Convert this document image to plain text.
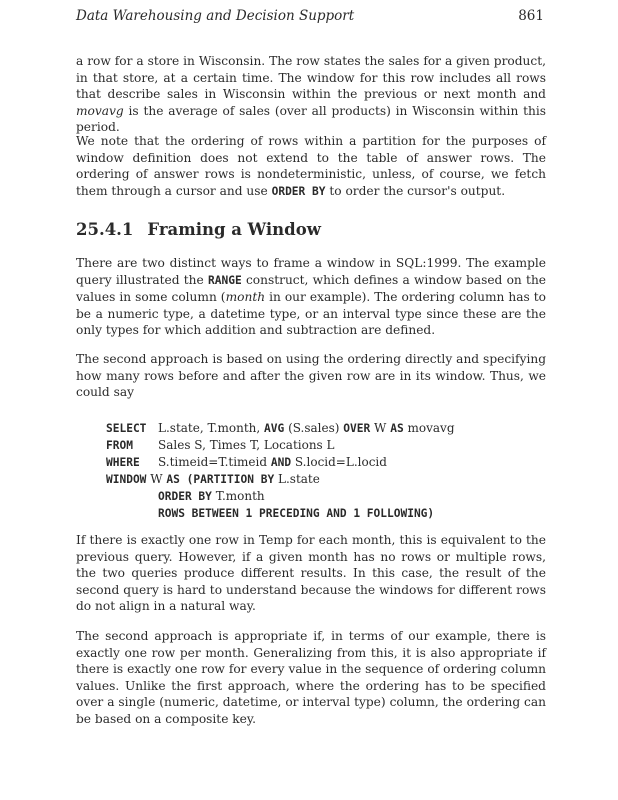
Data Warehousing and Decision Support	861

a row for a store in Wisconsin. The row states the sales for a given product, in that store, at a certain time. The window for this row includes all rows that describe sales in Wisconsin within the previous or next month and movavg is the average of sales (over all products) in Wisconsin within this period.

We note that the ordering of rows within a partition for the purposes of window definition does not extend to the table of answer rows. The ordering of answer rows is nondeterministic, unless, of course, we fetch them through a cursor and use ORDER BY to order the cursor's output.

25.4.1 Framing a Window

There are two distinct ways to frame a window in SQL:1999. The example query illustrated the RANGE construct, which defines a window based on the values in some column (month in our example). The ordering column has to be a numeric type, a datetime type, or an interval type since these are the only types for which addition and subtraction are defined.

The second approach is based on using the ordering directly and specifying how many rows before and after the given row are in its window. Thus, we could say

SELECT L.state, T.month, AVG (S.sales) OVER W AS movavg
FROM Sales S, Times T, Locations L
WHERE S.timeid=T.timeid AND S.locid=L.locid
WINDOW W AS (PARTITION BY L.state
ORDER BY T.month
ROWS BETWEEN 1 PRECEDING AND 1 FOLLOWING)

If there is exactly one row in Temp for each month, this is equivalent to the previous query. However, if a given month has no rows or multiple rows, the two queries produce different results. In this case, the result of the second query is hard to understand because the windows for different rows do not align in a natural way.

The second approach is appropriate if, in terms of our example, there is exactly one row per month. Generalizing from this, it is also appropriate if there is exactly one row for every value in the sequence of ordering column values. Unlike the first approach, where the ordering has to be specified over a single (numeric, datetime, or interval type) column, the ordering can be based on a composite key.
